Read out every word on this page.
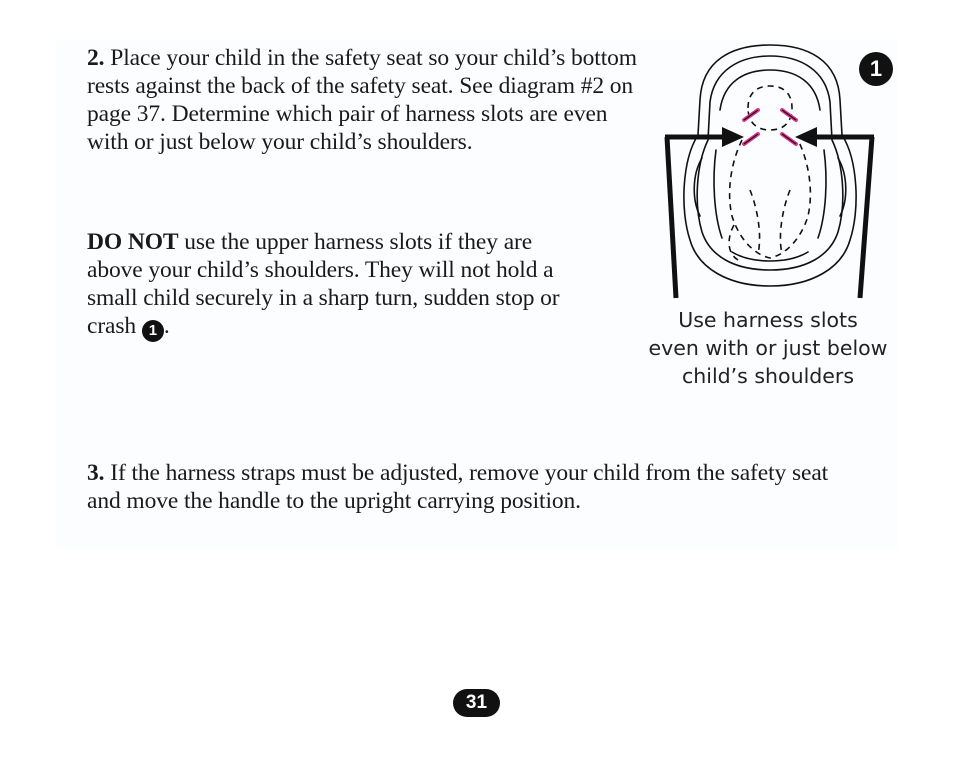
2. Place your child in the safety seat so your child’s bottom rests against the back of the safety seat. See diagram #2 on page 37. Determine which pair of harness slots are even with or just below your child’s shoulders.

DO NOT use the upper harness slots if they are above your child’s shoulders. They will not hold a small child securely in a sharp turn, sudden stop or crash 1 .

1
Use harness slots
even with or just below
child’s shoulders

3. If the harness straps must be adjusted, remove your child from the safety seat and move the handle to the upright carrying position.

31
